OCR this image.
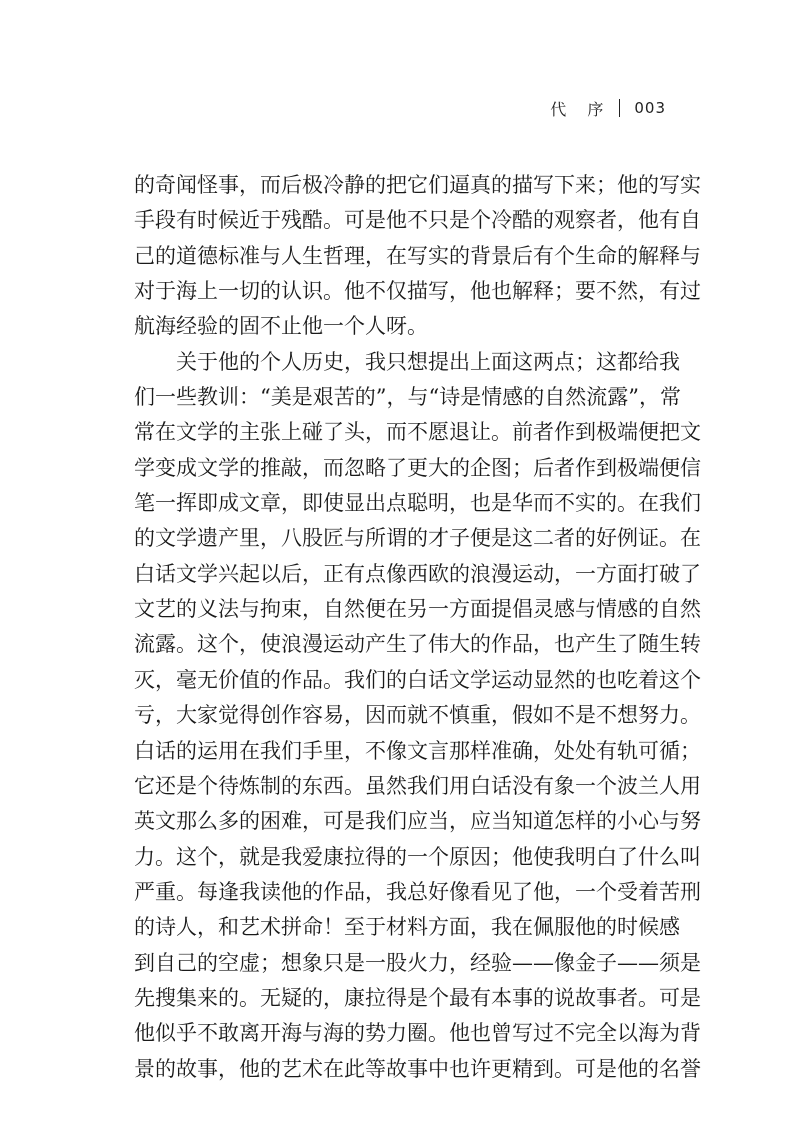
代 序 003
的奇闻怪事，而后极冷静的把它们逼真的描写下来；他的写实
手段有时候近于残酷。可是他不只是个冷酷的观察者，他有自
己的道德标准与人生哲理，在写实的背景后有个生命的解释与
对于海上一切的认识。他不仅描写，他也解释；要不然，有过
航海经验的固不止他一个人呀。
关于他的个人历史，我只想提出上面这两点；这都给我
们一些教训：“美是艰苦的”，与“诗是情感的自然流露”，常
常在文学的主张上碰了头，而不愿退让。前者作到极端便把文
学变成文学的推敲，而忽略了更大的企图；后者作到极端便信
笔一挥即成文章，即使显出点聪明，也是华而不实的。在我们
的文学遗产里，八股匠与所谓的才子便是这二者的好例证。在
白话文学兴起以后，正有点像西欧的浪漫运动，一方面打破了
文艺的义法与拘束，自然便在另一方面提倡灵感与情感的自然
流露。这个，使浪漫运动产生了伟大的作品，也产生了随生转
灭，毫无价值的作品。我们的白话文学运动显然的也吃着这个
亏，大家觉得创作容易，因而就不慎重，假如不是不想努力。
白话的运用在我们手里，不像文言那样准确，处处有轨可循；
它还是个待炼制的东西。虽然我们用白话没有象一个波兰人用
英文那么多的困难，可是我们应当，应当知道怎样的小心与努
力。这个，就是我爱康拉得的一个原因；他使我明白了什么叫
严重。每逢我读他的作品，我总好像看见了他，一个受着苦刑
的诗人，和艺术拼命！至于材料方面，我在佩服他的时候感
到自己的空虚；想象只是一股火力，经验——像金子——须是
先搜集来的。无疑的，康拉得是个最有本事的说故事者。可是
他似乎不敢离开海与海的势力圈。他也曾写过不完全以海为背
景的故事，他的艺术在此等故事中也许更精到。可是他的名誉
